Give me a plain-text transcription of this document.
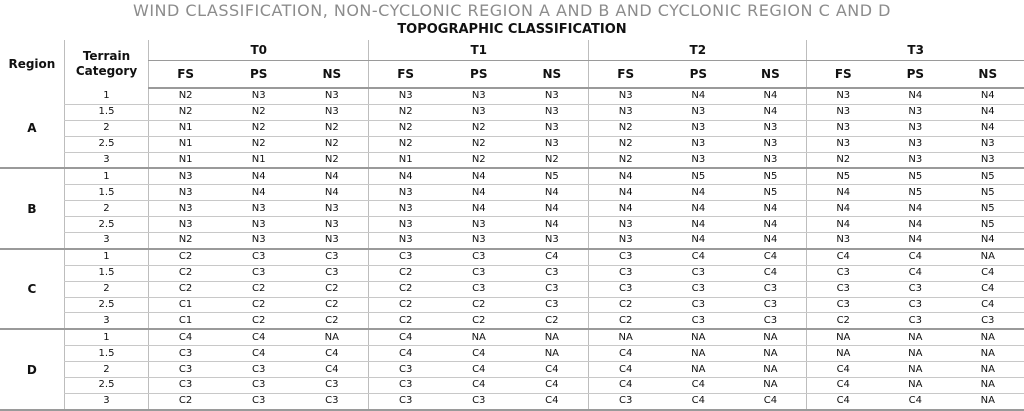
WIND CLASSIFICATION, NON-CYCLONIC REGION A AND B AND CYCLONIC REGION C AND D
TOPOGRAPHIC CLASSIFICATION
Region	Terrain Category	T0			T1			T2			T3		
		FS	PS	NS	FS	PS	NS	FS	PS	NS	FS	PS	NS
A	1	N2	N3	N3	N3	N3	N3	N3	N4	N4	N3	N4	N4
	1.5	N2	N2	N3	N2	N3	N3	N3	N3	N4	N3	N3	N4
	2	N1	N2	N2	N2	N2	N3	N2	N3	N3	N3	N3	N4
	2.5	N1	N2	N2	N2	N2	N3	N2	N3	N3	N3	N3	N3
	3	N1	N1	N2	N1	N2	N2	N2	N3	N3	N2	N3	N3
B	1	N3	N4	N4	N4	N4	N5	N4	N5	N5	N5	N5	N5
	1.5	N3	N4	N4	N3	N4	N4	N4	N4	N5	N4	N5	N5
	2	N3	N3	N3	N3	N4	N4	N4	N4	N4	N4	N4	N5
	2.5	N3	N3	N3	N3	N3	N4	N3	N4	N4	N4	N4	N5
	3	N2	N3	N3	N3	N3	N3	N3	N4	N4	N3	N4	N4
C	1	C2	C3	C3	C3	C3	C4	C3	C4	C4	C4	C4	NA
	1.5	C2	C3	C3	C2	C3	C3	C3	C3	C4	C3	C4	C4
	2	C2	C2	C2	C2	C3	C3	C3	C3	C3	C3	C3	C4
	2.5	C1	C2	C2	C2	C2	C3	C2	C3	C3	C3	C3	C4
	3	C1	C2	C2	C2	C2	C2	C2	C3	C3	C2	C3	C3
D	1	C4	C4	NA	C4	NA	NA	NA	NA	NA	NA	NA	NA
	1.5	C3	C4	C4	C4	C4	NA	C4	NA	NA	NA	NA	NA
	2	C3	C3	C4	C3	C4	C4	C4	NA	NA	C4	NA	NA
	2.5	C3	C3	C3	C3	C4	C4	C4	C4	NA	C4	NA	NA
	3	C2	C3	C3	C3	C3	C4	C3	C4	C4	C4	C4	NA
